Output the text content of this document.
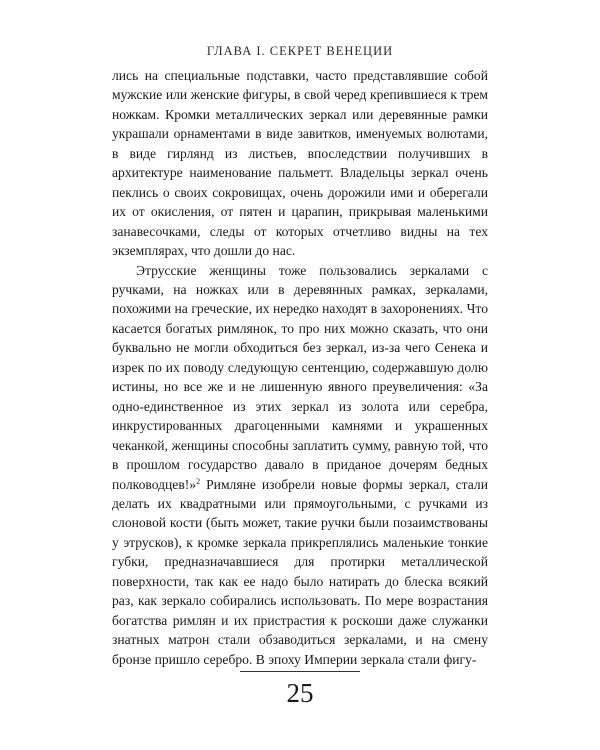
ГЛАВА I. СЕКРЕТ ВЕНЕЦИИ

лись на специальные подставки, часто представлявшие собой мужские или женские фигуры, в свой черед крепившиеся к трем ножкам. Кромки металлических зеркал или деревянные рамки украшали орнаментами в виде завитков, именуемых волютами, в виде гирлянд из листьев, впоследствии получивших в архитектуре наименование пальметт. Владельцы зеркал очень пеклись о своих сокровищах, очень дорожили ими и оберегали их от окисления, от пятен и царапин, прикрывая маленькими занавесочками, следы от которых отчетливо видны на тех экземплярах, что дошли до нас.

Этрусские женщины тоже пользовались зеркалами с ручками, на ножках или в деревянных рамках, зеркалами, похожими на греческие, их нередко находят в захоронениях. Что касается богатых римлянок, то про них можно сказать, что они буквально не могли обходиться без зеркал, из-за чего Сенека и изрек по их поводу следующую сентенцию, содержавшую долю истины, но все же и не лишенную явного преувеличения: «За одно-единственное из этих зеркал из золота или серебра, инкрустированных драгоценными камнями и украшенных чеканкой, женщины способны заплатить сумму, равную той, что в прошлом государство давало в приданое дочерям бедных полководцев!»$^2$ Римляне изобрели новые формы зеркал, стали делать их квадратными или прямоугольными, с ручками из слоновой кости (быть может, такие ручки были позаимствованы у этрусков), к кромке зеркала прикреплялись маленькие тонкие губки, предназначавшиеся для протирки металлической поверхности, так как ее надо было натирать до блеска всякий раз, как зеркало собирались использовать. По мере возрастания богатства римлян и их пристрастия к роскоши даже служанки знатных матрон стали обзаводиться зеркалами, и на смену бронзе пришло серебро. В эпоху Империи зеркала стали фигу-

25
